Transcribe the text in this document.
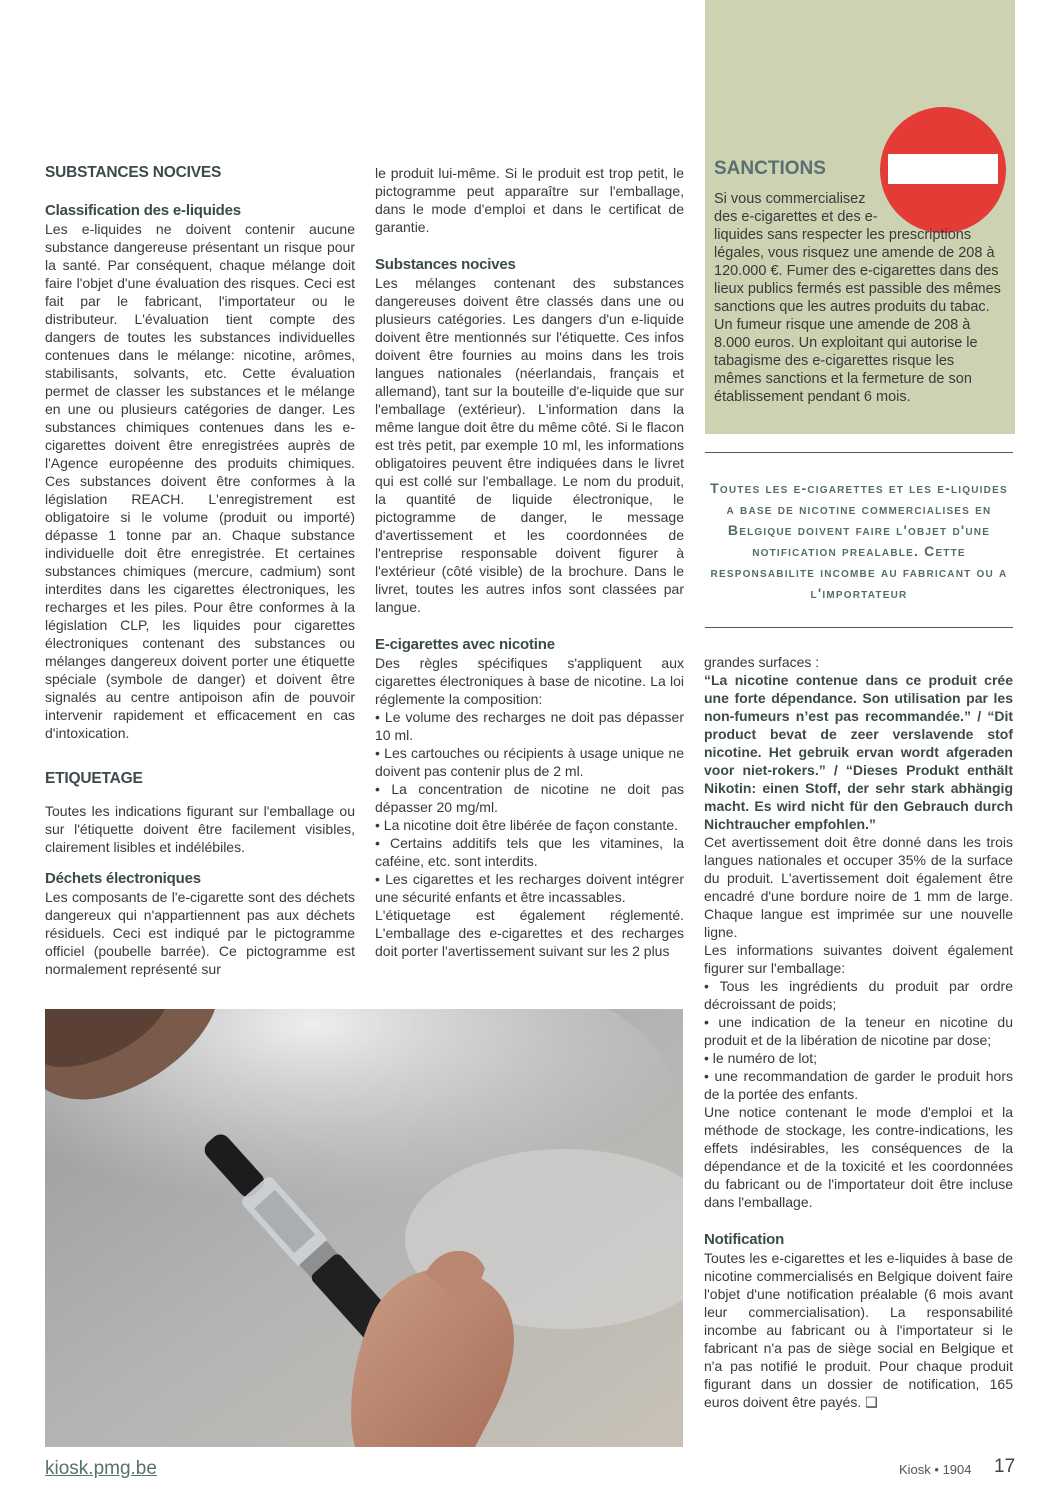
SUBSTANCES NOCIVES

Classification des e-liquides

Les e-liquides ne doivent contenir aucune substance dangereuse présentant un risque pour la santé. Par conséquent, chaque mélange doit faire l'objet d'une évaluation des risques. Ceci est fait par le fabricant, l'importateur ou le distributeur. L'évaluation tient compte des dangers de toutes les substances individuelles contenues dans le mélange: nicotine, arômes, stabilisants, solvants, etc. Cette évaluation permet de classer les substances et le mélange en une ou plusieurs catégories de danger. Les substances chimiques contenues dans les e-cigarettes doivent être enregistrées auprès de l'Agence européenne des produits chimiques. Ces substances doivent être conformes à la législation REACH. L'enregistrement est obligatoire si le volume (produit ou importé) dépasse 1 tonne par an. Chaque substance individuelle doit être enregistrée. Et certaines substances chimiques (mercure, cadmium) sont interdites dans les cigarettes électroniques, les recharges et les piles. Pour être conformes à la législation CLP, les liquides pour cigarettes électroniques contenant des substances ou mélanges dangereux doivent porter une étiquette spéciale (symbole de danger) et doivent être signalés au centre antipoison afin de pouvoir intervenir rapidement et efficacement en cas d'intoxication.

ETIQUETAGE

Toutes les indications figurant sur l'emballage ou sur l'étiquette doivent être facilement visibles, clairement lisibles et indélébiles.

Déchets électroniques

Les composants de l'e-cigarette sont des déchets dangereux qui n'appartiennent pas aux déchets résiduels. Ceci est indiqué par le pictogramme officiel (poubelle barrée). Ce pictogramme est normalement représenté sur

le produit lui-même. Si le produit est trop petit, le pictogramme peut apparaître sur l'emballage, dans le mode d'emploi et dans le certificat de garantie.

Substances nocives

Les mélanges contenant des substances dangereuses doivent être classés dans une ou plusieurs catégories. Les dangers d'un e-liquide doivent être mentionnés sur l'étiquette. Ces infos doivent être fournies au moins dans les trois langues nationales (néerlandais, français et allemand), tant sur la bouteille d'e-liquide que sur l'emballage (extérieur). L'information dans la même langue doit être du même côté. Si le flacon est très petit, par exemple 10 ml, les informations obligatoires peuvent être indiquées dans le livret qui est collé sur l'emballage. Le nom du produit, la quantité de liquide électronique, le pictogramme de danger, le message d'avertissement et les coordonnées de l'entreprise responsable doivent figurer à l'extérieur (côté visible) de la brochure. Dans le livret, toutes les autres infos sont classées par langue.

E-cigarettes avec nicotine

Des règles spécifiques s'appliquent aux cigarettes électroniques à base de nicotine. La loi réglemente la composition:

• Le volume des recharges ne doit pas dépasser 10 ml.

• Les cartouches ou récipients à usage unique ne doivent pas contenir plus de 2 ml.

• La concentration de nicotine ne doit pas dépasser 20 mg/ml.

• La nicotine doit être libérée de façon constante.

• Certains additifs tels que les vitamines, la caféine, etc. sont interdits.

• Les cigarettes et les recharges doivent intégrer une sécurité enfants et être incassables.

L'étiquetage est également réglementé. L'emballage des e-cigarettes et des recharges doit porter l'avertissement suivant sur les 2 plus

SANCTIONS

Si vous commercialisez des e-cigarettes et des e-liquides sans respecter les prescriptions légales, vous risquez une amende de 208 à 120.000 €. Fumer des e-cigarettes dans des lieux publics fermés est passible des mêmes sanctions que les autres produits du tabac. Un fumeur risque une amende de 208 à 8.000 euros. Un exploitant qui autorise le tabagisme des e-cigarettes risque les mêmes sanctions et la fermeture de son établissement pendant 6 mois.

Toutes les e-cigarettes et les e-liquides a base de nicotine commercialises en Belgique doivent faire l'objet d'une notification prealable. Cette responsabilite incombe au fabricant ou a l'importateur

grandes surfaces :

“La nicotine contenue dans ce produit crée une forte dépendance. Son utilisation par les non-fumeurs n’est pas recommandée.” / “Dit product bevat de zeer verslavende stof nicotine. Het gebruik ervan wordt afgeraden voor niet-rokers.” / “Dieses Produkt enthält Nikotin: einen Stoff, der sehr stark abhängig macht. Es wird nicht für den Gebrauch durch Nichtraucher empfohlen.”

Cet avertissement doit être donné dans les trois langues nationales et occuper 35% de la surface du produit. L'avertissement doit également être encadré d'une bordure noire de 1 mm de large. Chaque langue est imprimée sur une nouvelle ligne.

Les informations suivantes doivent également figurer sur l'emballage:

• Tous les ingrédients du produit par ordre décroissant de poids;

• une indication de la teneur en nicotine du produit et de la libération de nicotine par dose;

• le numéro de lot;

• une recommandation de garder le produit hors de la portée des enfants.

Une notice contenant le mode d'emploi et la méthode de stockage, les contre-indications, les effets indésirables, les conséquences de la dépendance et de la toxicité et les coordonnées du fabricant ou de l'importateur doit être incluse dans l'emballage.

Notification

Toutes les e-cigarettes et les e-liquides à base de nicotine commercialisés en Belgique doivent faire l'objet d'une notification préalable (6 mois avant leur commercialisation). La responsabilité incombe au fabricant ou à l'importateur si le fabricant n'a pas de siège social en Belgique et n'a pas notifié le produit. Pour chaque produit figurant dans un dossier de notification, 165 euros doivent être payés. ❑

kiosk.pmg.be	Kiosk • 1904 17
